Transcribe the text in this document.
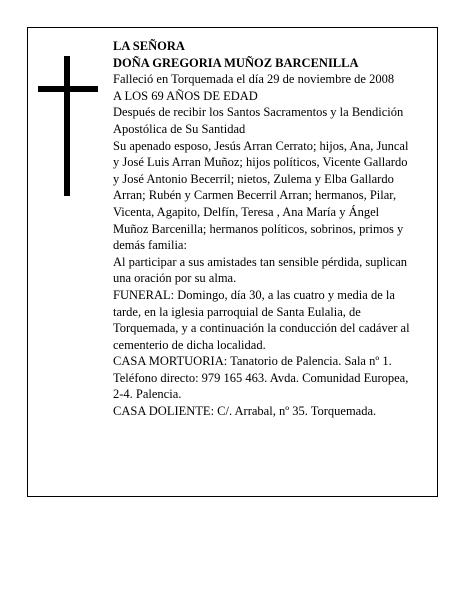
LA SEÑORA

DOÑA GREGORIA MUÑOZ BARCENILLA

Falleció en Torquemada el día 29 de noviembre de 2008

A LOS 69 AÑOS DE EDAD

Después de recibir los Santos Sacramentos y la Bendición Apostólica de Su Santidad

Su apenado esposo, Jesús Arran Cerrato; hijos, Ana, Juncal y José Luis Arran Muñoz; hijos políticos, Vicente Gallardo y José Antonio Becerril; nietos, Zulema y Elba Gallardo Arran; Rubén y Carmen Becerril Arran; hermanos, Pilar, Vicenta, Agapito, Delfín, Teresa , Ana María y Ángel Muñoz Barcenilla; hermanos políticos, sobrinos, primos y demás familia:

Al participar a sus amistades tan sensible pérdida, suplican una oración por su alma.

FUNERAL: Domingo, día 30, a las cuatro y media de la tarde, en la iglesia parroquial de Santa Eulalia, de Torquemada, y a continuación la conducción del cadáver al cementerio de dicha localidad.

CASA MORTUORIA: Tanatorio de Palencia. Sala nº 1. Teléfono directo: 979 165 463. Avda. Comunidad Europea, 2-4. Palencia.

CASA DOLIENTE: C/. Arrabal, nº 35. Torquemada.
